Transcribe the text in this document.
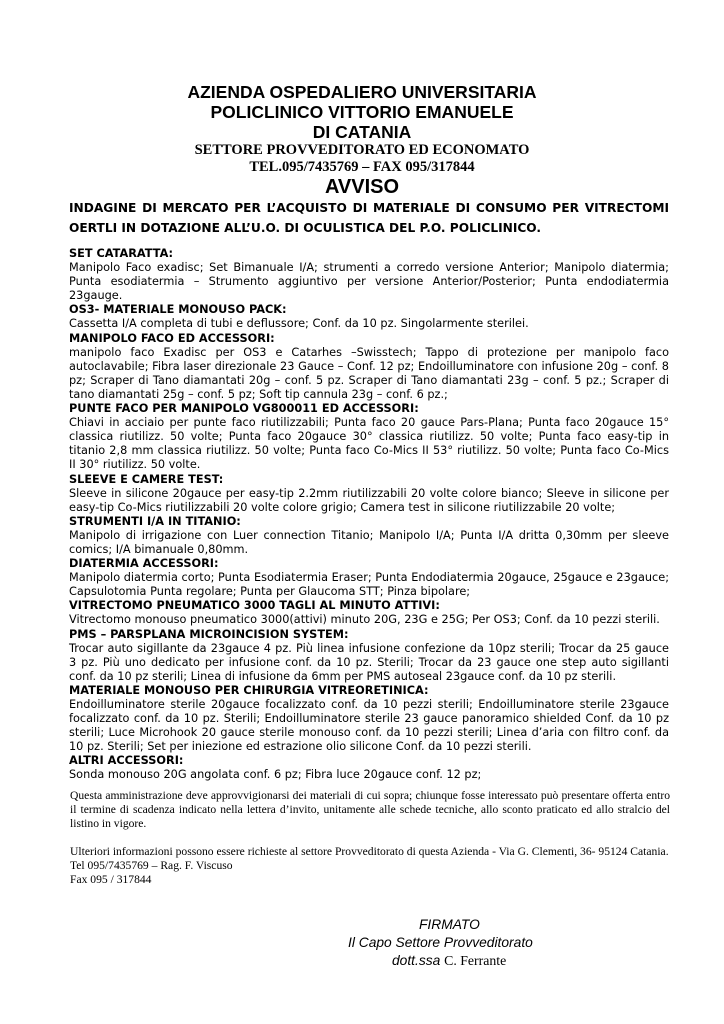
AZIENDA OSPEDALIERO UNIVERSITARIA
POLICLINICO VITTORIO EMANUELE
DI CATANIA
SETTORE PROVVEDITORATO ED ECONOMATO
TEL.095/7435769 – FAX 095/317844
AVVISO
INDAGINE DI MERCATO PER L’ACQUISTO DI MATERIALE DI CONSUMO PER VITRECTOMI
OERTLI IN DOTAZIONE ALL’U.O. DI OCULISTICA DEL P.O. POLICLINICO.
SET CATARATTA:
Manipolo Faco exadisc; Set Bimanuale I/A; strumenti a corredo versione Anterior; Manipolo diatermia; Punta esodiatermia – Strumento aggiuntivo per versione Anterior/Posterior; Punta endodiatermia 23gauge.
OS3- MATERIALE MONOUSO PACK:
Cassetta I/A completa di tubi e deflussore; Conf. da 10 pz. Singolarmente sterilei.
MANIPOLO FACO ED ACCESSORI:
manipolo faco Exadisc per OS3 e Catarhes –Swisstech; Tappo di protezione per manipolo faco autoclavabile; Fibra laser direzionale 23 Gauce – Conf. 12 pz; Endoilluminatore con infusione 20g – conf. 8 pz; Scraper di Tano diamantati 20g – conf. 5 pz. Scraper di Tano diamantati 23g – conf. 5 pz.; Scraper di tano diamantati 25g – conf. 5 pz; Soft tip cannula 23g – conf. 6 pz.;
PUNTE FACO PER MANIPOLO VG800011 ED ACCESSORI:
Chiavi in acciaio per punte faco riutilizzabili; Punta faco 20 gauce Pars-Plana; Punta faco 20gauce 15° classica riutilizz. 50 volte; Punta faco 20gauce 30° classica riutilizz. 50 volte; Punta faco easy-tip in titanio 2,8 mm classica riutilizz. 50 volte; Punta faco Co-Mics II 53° riutilizz. 50 volte; Punta faco Co-Mics II 30° riutilizz. 50 volte.
SLEEVE E CAMERE TEST:
Sleeve in silicone 20gauce per easy-tip 2.2mm riutilizzabili 20 volte colore bianco; Sleeve in silicone per easy-tip Co-Mics riutilizzabili 20 volte colore grigio; Camera test in silicone riutilizzabile 20 volte;
STRUMENTI I/A IN TITANIO:
Manipolo di irrigazione con Luer connection Titanio; Manipolo I/A; Punta I/A dritta 0,30mm per sleeve comics; I/A bimanuale 0,80mm.
DIATERMIA ACCESSORI:
Manipolo diatermia corto; Punta Esodiatermia Eraser; Punta Endodiatermia 20gauce, 25gauce e 23gauce; Capsulotomia Punta regolare; Punta per Glaucoma STT; Pinza bipolare;
VITRECTOMO PNEUMATICO 3000 TAGLI AL MINUTO ATTIVI:
Vitrectomo monouso pneumatico 3000(attivi) minuto 20G, 23G e 25G; Per OS3; Conf. da 10 pezzi sterili.
PMS – PARSPLANA MICROINCISION SYSTEM:
Trocar auto sigillante da 23gauce 4 pz. Più linea infusione confezione da 10pz sterili; Trocar da 25 gauce 3 pz. Più uno dedicato per infusione conf. da 10 pz. Sterili; Trocar da 23 gauce one step auto sigillanti conf. da 10 pz sterili; Linea di infusione da 6mm per PMS autoseal 23gauce conf. da 10 pz sterili.
MATERIALE MONOUSO PER CHIRURGIA VITREORETINICA:
Endoilluminatore sterile 20gauce focalizzato conf. da 10 pezzi sterili; Endoilluminatore sterile 23gauce focalizzato conf. da 10 pz. Sterili; Endoilluminatore sterile 23 gauce panoramico shielded Conf. da 10 pz sterili; Luce Microhook 20 gauce sterile monouso conf. da 10 pezzi sterili; Linea d’aria con filtro conf. da 10 pz. Sterili; Set per iniezione ed estrazione olio silicone Conf. da 10 pezzi sterili.
ALTRI ACCESSORI:
Sonda monouso 20G angolata conf. 6 pz; Fibra luce 20gauce conf. 12 pz;
Questa amministrazione deve approvvigionarsi dei materiali di cui sopra; chiunque fosse interessato può presentare offerta entro il termine di scadenza indicato nella lettera d’invito, unitamente alle schede tecniche, allo sconto praticato ed allo stralcio del listino in vigore.
Ulteriori informazioni possono essere richieste al settore Provveditorato di questa Azienda - Via G. Clementi, 36- 95124 Catania.
Tel 095/7435769 – Rag. F. Viscuso
Fax 095 / 317844
FIRMATO
Il Capo Settore Provveditorato
dott.ssa C. Ferrante
